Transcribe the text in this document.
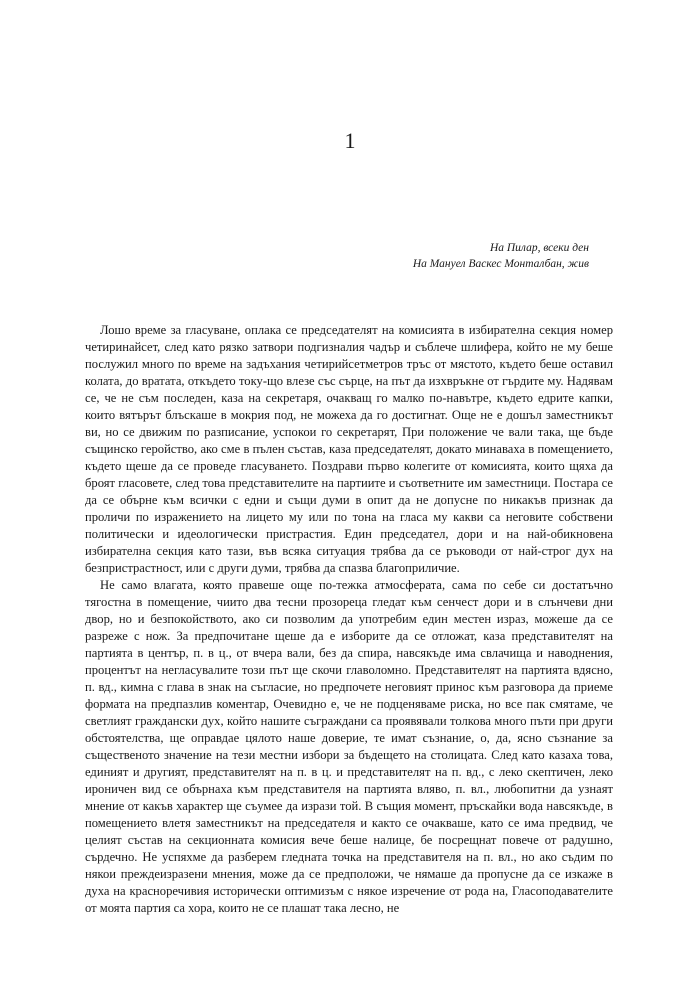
1
На Пилар, всеки ден
На Мануел Васкес Монталбан, жив

Лошо време за гласуване, оплака се председателят на комисията в избирателна секция номер четиринайсет, след като рязко затвори подгизналия чадър и съблече шлифера, който не му беше послужил много по време на задъхания четирийсетметров тръс от мястото, където беше оставил колата, до вратата, откъдето току-що влезе със сърце, на път да изхвръкне от гърдите му. Надявам се, че не съм последен, каза на секретаря, очакващ го малко по-навътре, където едрите капки, които вятърът блъскаше в мокрия под, не можеха да го достигнат. Още не е дошъл заместникът ви, но се движим по разписание, успокои го секретарят, При положение че вали така, ще бъде същинско геройство, ако сме в пълен състав, каза председателят, докато минаваха в помещението, където щеше да се проведе гласуването. Поздрави първо колегите от комисията, които щяха да броят гласовете, след това представителите на партиите и съответните им заместници. Постара се да се обърне към всички с едни и същи думи в опит да не допусне по никакъв признак да проличи по изражението на лицето му или по тона на гласа му какви са неговите собствени политически и идеологически пристрастия. Един председател, дори и на най-обикновена избирателна секция като тази, във всяка ситуация трябва да се ръководи от най-строг дух на безпристрастност, или с други думи, трябва да спазва благоприличие.

Не само влагата, която правеше още по-тежка атмосферата, сама по себе си достатъчно тягостна в помещение, чиито два тесни прозореца гледат към сенчест дори и в слънчеви дни двор, но и безпокойството, ако си позволим да употребим един местен израз, можеше да се разреже с нож. За предпочитане щеше да е изборите да се отложат, каза представителят на партията в център, п. в ц., от вчера вали, без да спира, навсякъде има свлачища и наводнения, процентът на негласувалите този път ще скочи главоломно. Представителят на партията вдясно, п. вд., кимна с глава в знак на съгласие, но предпочете неговият принос към разговора да приеме формата на предпазлив коментар, Очевидно е, че не подценяваме риска, но все пак смятаме, че светлият граждански дух, който нашите съграждани са проявявали толкова много пъти при други обстоятелства, ще оправдае цялото наше доверие, те имат съзнание, о, да, ясно съзнание за същественото значение на тези местни избори за бъдещето на столицата. След като казаха това, единият и другият, представителят на п. в ц. и представителят на п. вд., с леко скептичен, леко ироничен вид се обърнаха към представителя на партията вляво, п. вл., любопитни да узнаят мнение от какъв характер ще съумее да изрази той. В същия момент, пръскайки вода навсякъде, в помещението влетя заместникът на председателя и както се очакваше, като се има предвид, че целият състав на секционната комисия вече беше налице, бе посрещнат повече от радушно, сърдечно. Не успяхме да разберем гледната точка на представителя на п. вл., но ако съдим по някои преждеизразени мнения, може да се предположи, че нямаше да пропусне да се изкаже в духа на красноречивия исторически оптимизъм с някое изречение от рода на, Гласоподавателите от моята партия са хора, които не се плашат така лесно, не
